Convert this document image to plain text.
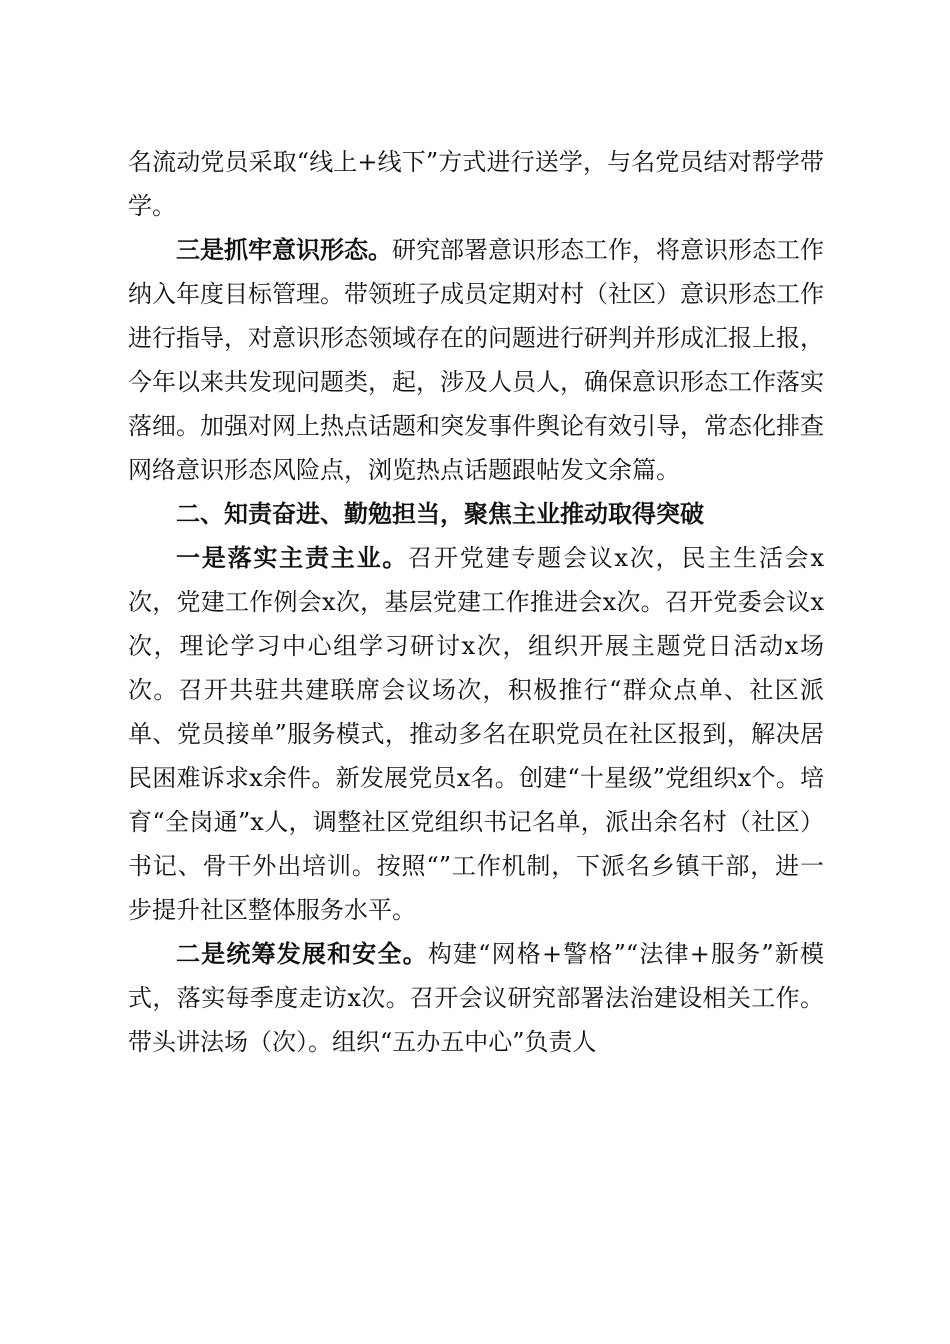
名流动党员采取“线上+线下”方式进行送学，与名党员结对帮学带学。

三是抓牢意识形态。研究部署意识形态工作，将意识形态工作纳入年度目标管理。带领班子成员定期对村（社区）意识形态工作进行指导，对意识形态领域存在的问题进行研判并形成汇报上报，今年以来共发现问题类，起，涉及人员人，确保意识形态工作落实落细。加强对网上热点话题和突发事件舆论有效引导，常态化排查网络意识形态风险点，浏览热点话题跟帖发文余篇。

二、知责奋进、勤勉担当，聚焦主业推动取得突破

一是落实主责主业。召开党建专题会议x次，民主生活会x次，党建工作例会x次，基层党建工作推进会x次。召开党委会议x次，理论学习中心组学习研讨x次，组织开展主题党日活动x场次。召开共驻共建联席会议场次，积极推行“群众点单、社区派单、党员接单”服务模式，推动多名在职党员在社区报到，解决居民困难诉求x余件。新发展党员x名。创建“十星级”党组织x个。培育“全岗通”x人，调整社区党组织书记名单，派出余名村（社区）书记、骨干外出培训。按照“”工作机制，下派名乡镇干部，进一步提升社区整体服务水平。

二是统筹发展和安全。构建“网格+警格”“法律+服务”新模式，落实每季度走访x次。召开会议研究部署法治建设相关工作。带头讲法场（次）。组织“五办五中心”负责人
